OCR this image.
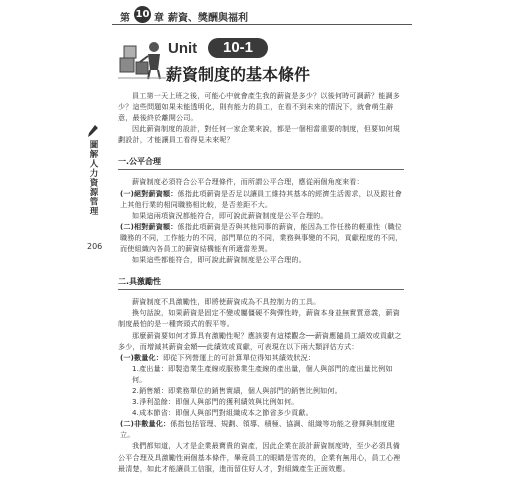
第 10 章 薪資、獎酬與福利
Unit	10-1
薪資制度的基本條件
圖解人力資源管理
206

員工第一天上班之後，可能心中就會產生我的薪資是多少？以後何時可調薪？能調多少？這些問題如果未能透明化，則有能力的員工，在看不到未來的情況下，就會萌生辭意，最後終於離開公司。

因此薪資制度的設計，對任何一家企業來說，都是一個相當重要的制度，但要如何規劃設計，才能讓員工看得見未來呢？

一.公平合理

薪資制度必須符合公平合理條件，而所謂公平合理，應從兩個角度來看：

(一)絕對薪資額：係指此項薪資是否足以讓員工維持其基本的經濟生活需求，以及跟社會上其他行業的相同職務相比較，是否差距不大。

如果這兩項資況都能符合，即可說此薪資制度是公平合理的。

(二)相對薪資額：係指此項薪資是否與其他同事的薪資，能因為工作任務的輕重性（職位職務的不同，工作能力的不同，部門單位的不同，業務與事變的不同，貢獻程度的不同，而使組織內各員工的薪資結構能有所適當差異。

如果這些都能符合，即可說此薪資制度是公平合理的。

二.具激勵性

薪資制度不具激勵性，即將使薪資成為不具控制力的工具。

換句話說，如果薪資是固定不變或屬僵硬不夠彈性時，薪資本身並無實質意義，薪資制度最怕的是一種齊頭式的假平等。

那麼薪資要如何才算具有激勵性呢？應該要有這樣觀念──薪資應隨員工績效或貢獻之多少，而增減其薪資金額──此績效或貢獻，可表現在以下兩大類評估方式：

(一)數量化：即從下列營運上的可計算單位得知其績效狀況：

1.產出量：即製造業生產線或服務業生產線的產出量，個人與部門的產出量比例如何。

2.銷售額：即業務單位的銷售實績，個人與部門的銷售比例如何。

3.淨利盈餘：即個人與部門的獲利績效與比例如何。

4.成本節省：即個人與部門對組織成本之節省多少貢獻。

(二)非數量化：係指包括管理、規劃、領導、積極、協調、組織等功能之發揮與制度建立。

我們都知道，人才是企業最寶貴的資產，因此企業在設計薪資制度時，至少必須具備公平合理及具激勵性兩個基本條件，畢竟員工的眼睛是雪亮的，企業有無用心，員工心裡最清楚，如此才能讓員工信服，進而留住好人才，對組織產生正面效應。
